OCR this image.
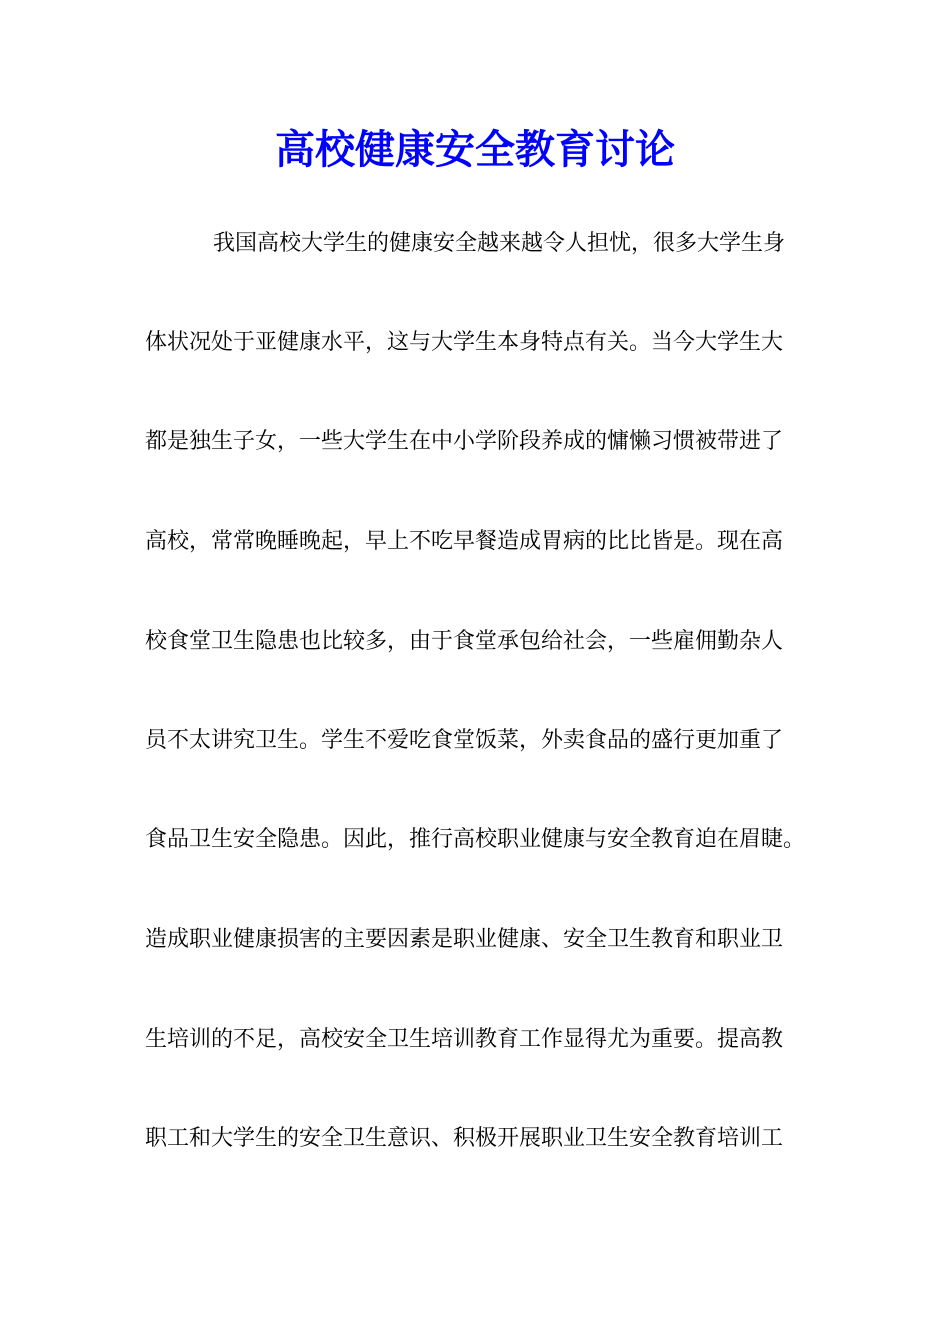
高校健康安全教育讨论
我国高校大学生的健康安全越来越令人担忧，很多大学生身
体状况处于亚健康水平，这与大学生本身特点有关。当今大学生大
都是独生子女，一些大学生在中小学阶段养成的慵懒习惯被带进了
高校，常常晚睡晚起，早上不吃早餐造成胃病的比比皆是。现在高
校食堂卫生隐患也比较多，由于食堂承包给社会，一些雇佣勤杂人
员不太讲究卫生。学生不爱吃食堂饭菜，外卖食品的盛行更加重了
食品卫生安全隐患。因此，推行高校职业健康与安全教育迫在眉睫。
造成职业健康损害的主要因素是职业健康、安全卫生教育和职业卫
生培训的不足，高校安全卫生培训教育工作显得尤为重要。提高教
职工和大学生的安全卫生意识、积极开展职业卫生安全教育培训工
